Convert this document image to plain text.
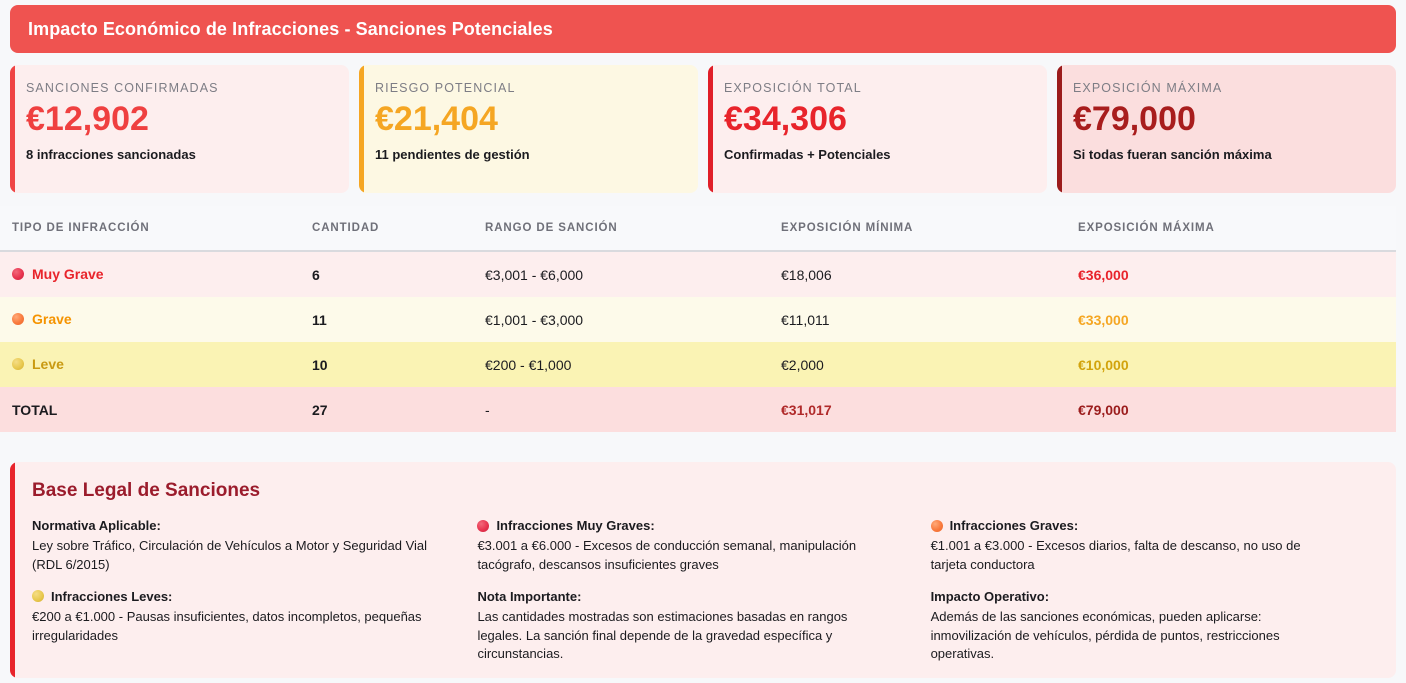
Impacto Económico de Infracciones - Sanciones Potenciales
SANCIONES CONFIRMADAS
€12,902
8 infracciones sancionadas
RIESGO POTENCIAL
€21,404
11 pendientes de gestión
EXPOSICIÓN TOTAL
€34,306
Confirmadas + Potenciales
EXPOSICIÓN MÁXIMA
€79,000
Si todas fueran sanción máxima
TIPO DE INFRACCIÓN	CANTIDAD	RANGO DE SANCIÓN	EXPOSICIÓN MÍNIMA	EXPOSICIÓN MÁXIMA
Muy Grave	6	€3,001 - €6,000	€18,006	€36,000
Grave	11	€1,001 - €3,000	€11,011	€33,000
Leve	10	€200 - €1,000	€2,000	€10,000
TOTAL	27	-	€31,017	€79,000
Base Legal de Sanciones
Normativa Aplicable:
Ley sobre Tráfico, Circulación de Vehículos a Motor y Seguridad Vial (RDL 6/2015)
Infracciones Leves:
€200 a €1.000 - Pausas insuficientes, datos incompletos, pequeñas irregularidades
Infracciones Muy Graves:
€3.001 a €6.000 - Excesos de conducción semanal, manipulación tacógrafo, descansos insuficientes graves
Nota Importante:
Las cantidades mostradas son estimaciones basadas en rangos legales. La sanción final depende de la gravedad específica y circunstancias.
Infracciones Graves:
€1.001 a €3.000 - Excesos diarios, falta de descanso, no uso de tarjeta conductora
Impacto Operativo:
Además de las sanciones económicas, pueden aplicarse: inmovilización de vehículos, pérdida de puntos, restricciones operativas.
